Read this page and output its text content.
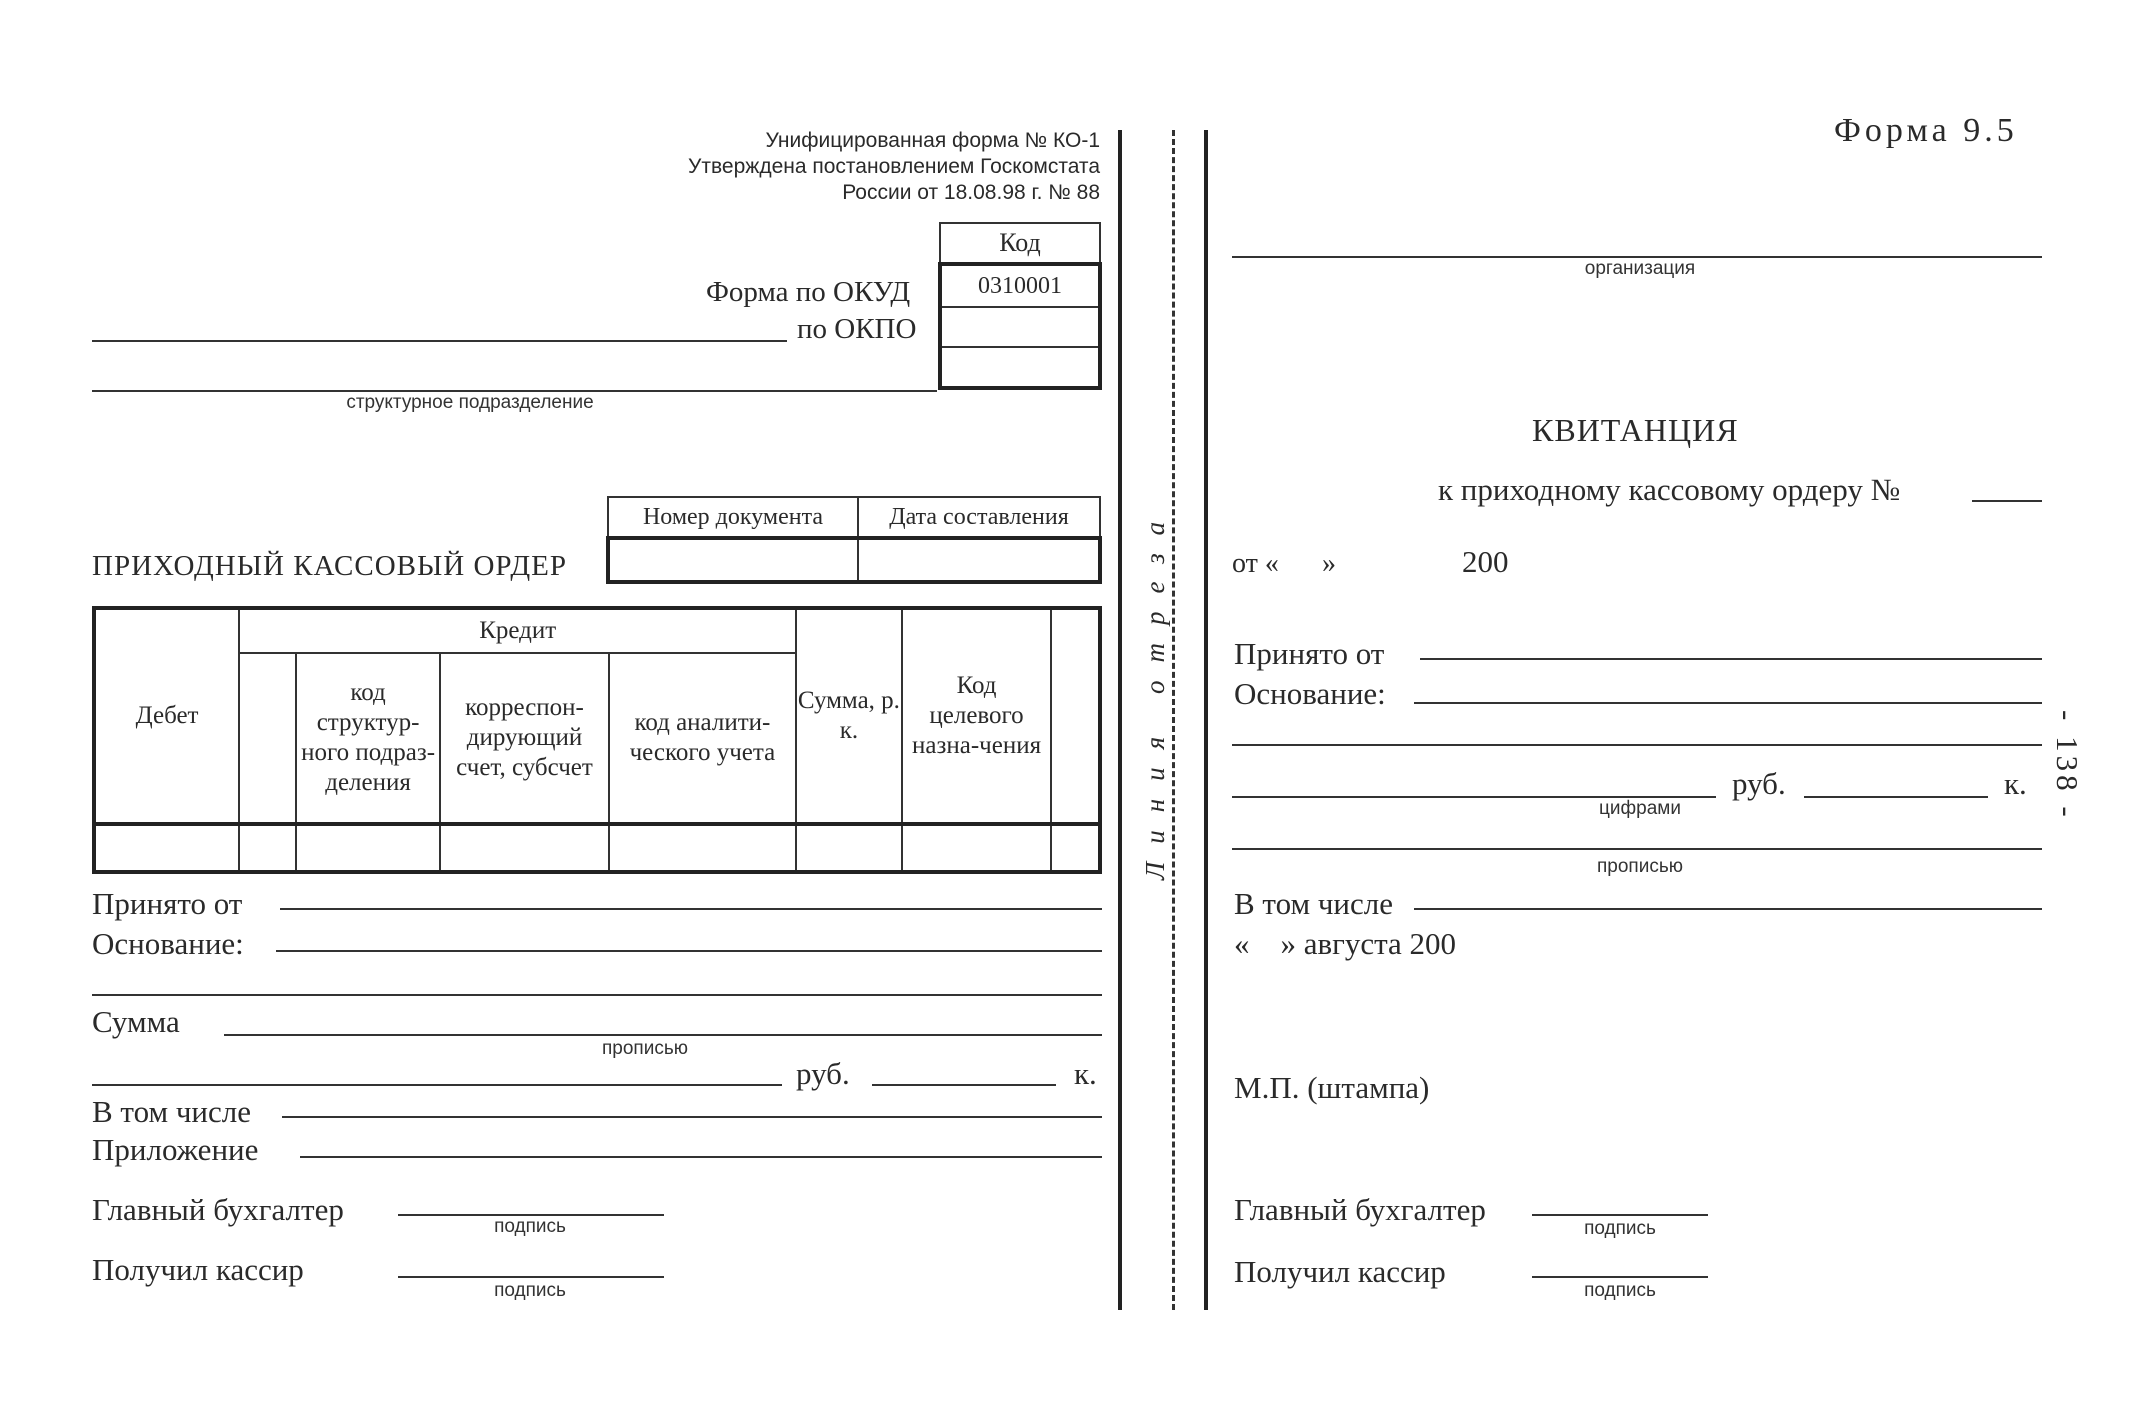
Унифицированная форма № КО-1
Утверждена постановлением Госкомстата
России от 18.08.98 г. № 88
Код
0310001

Форма по ОКУД
по ОКПО
структурное подразделение
Номер документа	Дата составления

ПРИХОДНЫЙ КАССОВЫЙ ОРДЕР
Дебет	Кредит				Сумма, р. к.	Код целевого назна-чения	
		код структур-ного подраз-деления	корреспон-дирующий счет, субсчет	код аналити-ческого учета			

Принято от
Основание:
Сумма
прописью
руб.	к.
В том числе
Приложение
Главный бухгалтер	подпись
Получил кассир
подпись
Линия отреза
Форма 9.5
организация
КВИТАНЦИЯ
к приходному кассовому ордеру №
от « »	200
Принято от
Основание:
руб.	к.
цифрами
прописью
В том числе
«    » августа 200
М.П. (штампа)
Главный бухгалтер
подпись
Получил кассир
подпись
- 138 -
